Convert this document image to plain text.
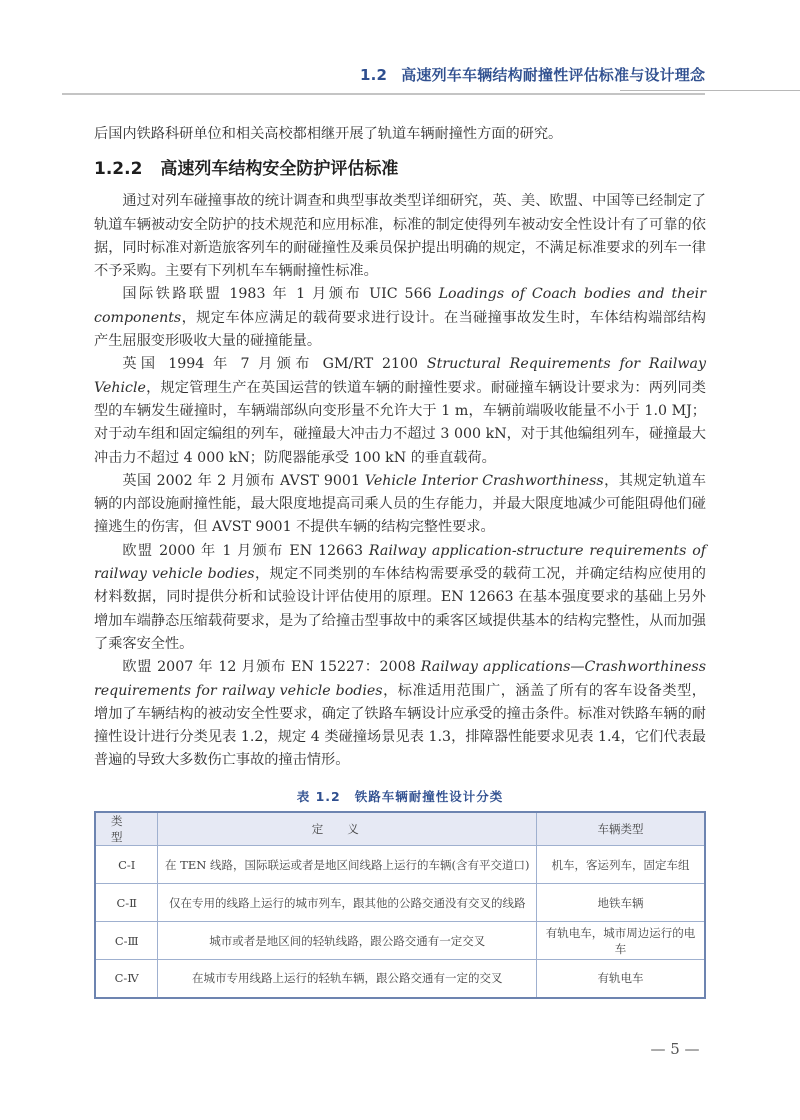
1.2 高速列车车辆结构耐撞性评估标准与设计理念

后国内铁路科研单位和相关高校都相继开展了轨道车辆耐撞性方面的研究。

1.2.2 高速列车结构安全防护评估标准

通过对列车碰撞事故的统计调查和典型事故类型详细研究，英、美、欧盟、中国等已经制定了轨道车辆被动安全防护的技术规范和应用标准，标准的制定使得列车被动安全性设计有了可靠的依据，同时标准对新造旅客列车的耐碰撞性及乘员保护提出明确的规定，不满足标准要求的列车一律不予采购。主要有下列机车车辆耐撞性标准。

国际铁路联盟 1983 年 1 月颁布 UIC 566 Loadings of Coach bodies and their components，规定车体应满足的载荷要求进行设计。在当碰撞事故发生时，车体结构端部结构产生屈服变形吸收大量的碰撞能量。

英国 1994 年 7 月颁布 GM/RT 2100 Structural Requirements for Railway Vehicle，规定管理生产在英国运营的铁道车辆的耐撞性要求。耐碰撞车辆设计要求为：两列同类型的车辆发生碰撞时，车辆端部纵向变形量不允许大于 1 m，车辆前端吸收能量不小于 1.0 MJ；对于动车组和固定编组的列车，碰撞最大冲击力不超过 3 000 kN，对于其他编组列车，碰撞最大冲击力不超过 4 000 kN；防爬器能承受 100 kN 的垂直载荷。

英国 2002 年 2 月颁布 AVST 9001 Vehicle Interior Crashworthiness，其规定轨道车辆的内部设施耐撞性能，最大限度地提高司乘人员的生存能力，并最大限度地减少可能阻碍他们碰撞逃生的伤害，但 AVST 9001 不提供车辆的结构完整性要求。

欧盟 2000 年 1 月颁布 EN 12663 Railway application-structure requirements of railway vehicle bodies，规定不同类别的车体结构需要承受的载荷工况，并确定结构应使用的材料数据，同时提供分析和试验设计评估使用的原理。EN 12663 在基本强度要求的基础上另外增加车端静态压缩载荷要求，是为了给撞击型事故中的乘客区域提供基本的结构完整性，从而加强了乘客安全性。

欧盟 2007 年 12 月颁布 EN 15227：2008 Railway applications—Crashworthiness requirements for railway vehicle bodies，标准适用范围广，涵盖了所有的客车设备类型，增加了车辆结构的被动安全性要求，确定了铁路车辆设计应承受的撞击条件。标准对铁路车辆的耐撞性设计进行分类见表 1.2，规定 4 类碰撞场景见表 1.3，排障器性能要求见表 1.4，它们代表最普遍的导致大多数伤亡事故的撞击情形。

表 1.2 铁路车辆耐撞性设计分类
类型	定义	车辆类型
C-Ⅰ	在 TEN 线路，国际联运或者是地区间线路上运行的车辆(含有平交道口)	机车，客运列车，固定车组
C-Ⅱ	仅在专用的线路上运行的城市列车，跟其他的公路交通没有交叉的线路	地铁车辆
C-Ⅲ	城市或者是地区间的轻轨线路，跟公路交通有一定交叉	有轨电车，城市周边运行的电车
C-Ⅳ	在城市专用线路上运行的轻轨车辆，跟公路交通有一定的交叉	有轨电车
— 5 —
